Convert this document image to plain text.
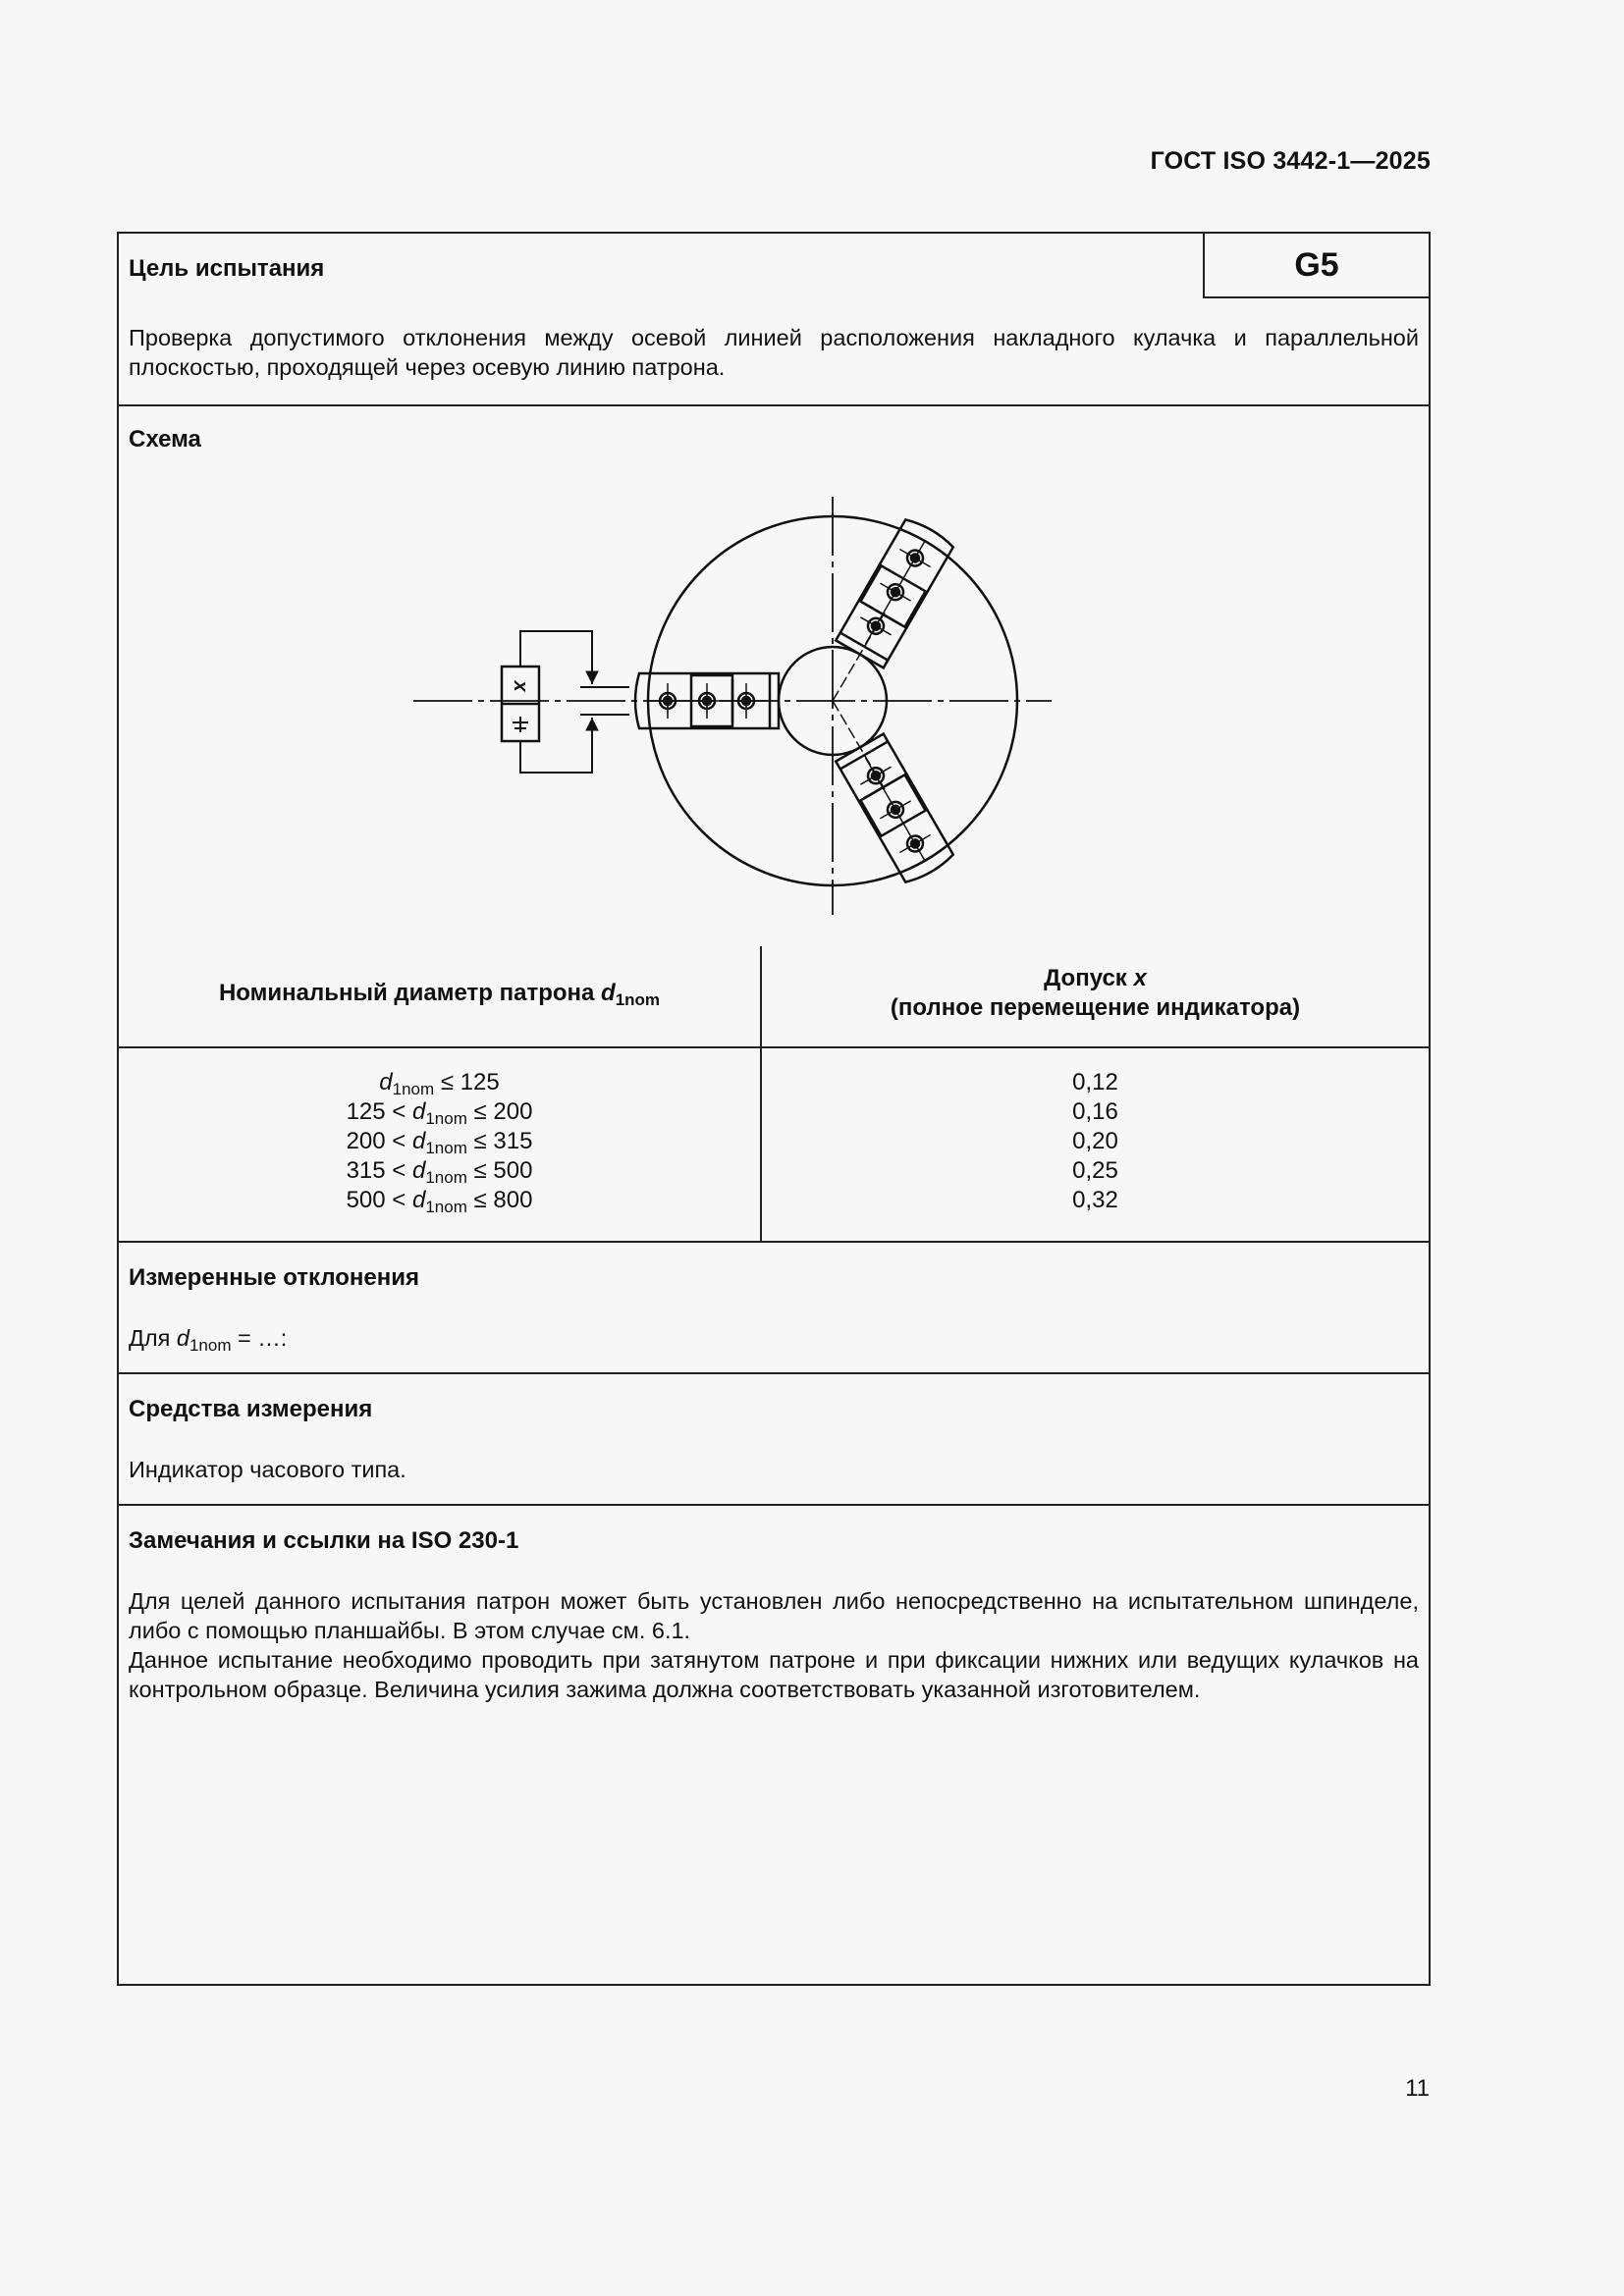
ГОСТ ISO 3442-1—2025
Цель испытания	G5
Проверка допустимого отклонения между осевой линией расположения накладного кулачка и параллельной плоскостью, проходящей через осевую линию патрона.
Схема
x
Номинальный диаметр патрона $d_{1nom}$
Допуск x
(полное перемещение индикатора)
$d_{1nom} \le 125$
$125 < d_{1nom} \le 200$
$200 < d_{1nom} \le 315$
$315 < d_{1nom} \le 500$
$500 < d_{1nom} \le 800$
0,12
0,16
0,20
0,25
0,32
Измеренные отклонения
Для $d_{1nom}$ = …:
Средства измерения
Индикатор часового типа.
Замечания и ссылки на ISO 230-1
Для целей данного испытания патрон может быть установлен либо непосредственно на испытательном шпинделе, либо с помощью планшайбы. В этом случае см. 6.1.
Данное испытание необходимо проводить при затянутом патроне и при фиксации нижних или ведущих кулачков на контрольном образце. Величина усилия зажима должна соответствовать указанной изготовителем.
11
